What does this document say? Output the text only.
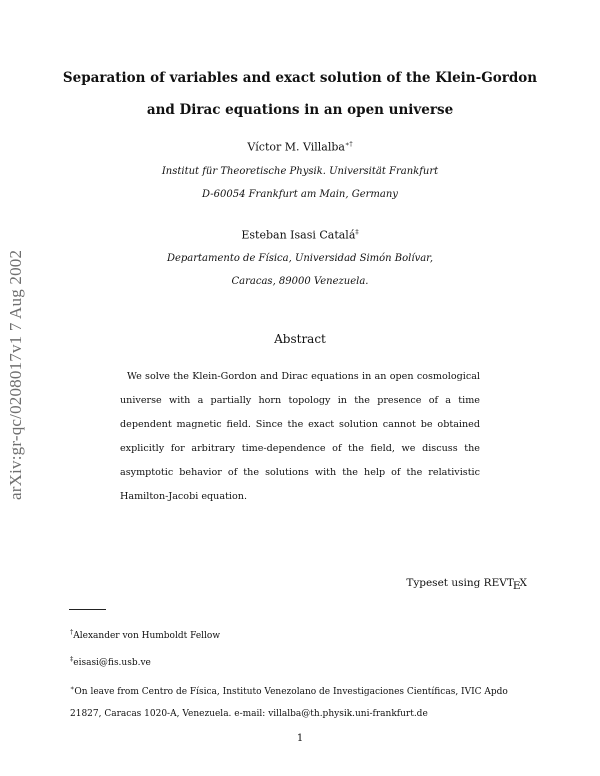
arXiv:gr-qc/0208017v1 7 Aug 2002
Separation of variables and exact solution of the Klein-Gordon
and Dirac equations in an open universe
Víctor M. Villalba∗†
Institut für Theoretische Physik. Universität Frankfurt
D-60054 Frankfurt am Main, Germany
Esteban Isasi Catalá‡
Departamento de Física, Universidad Simón Bolívar,
Caracas, 89000 Venezuela.
Abstract

We solve the Klein-Gordon and Dirac equations in an open cosmological universe with a partially horn topology in the presence of a time dependent magnetic field. Since the exact solution cannot be obtained explicitly for arbitrary time-dependence of the field, we discuss the asymptotic behavior of the solutions with the help of the relativistic Hamilton-Jacobi equation.

Typeset using REVTEX
†Alexander von Humboldt Fellow
‡eisasi@fis.usb.ve
∗On leave from Centro de Física, Instituto Venezolano de Investigaciones Científicas, IVIC Apdo 21827, Caracas 1020-A, Venezuela. e-mail: villalba@th.physik.uni-frankfurt.de
1
